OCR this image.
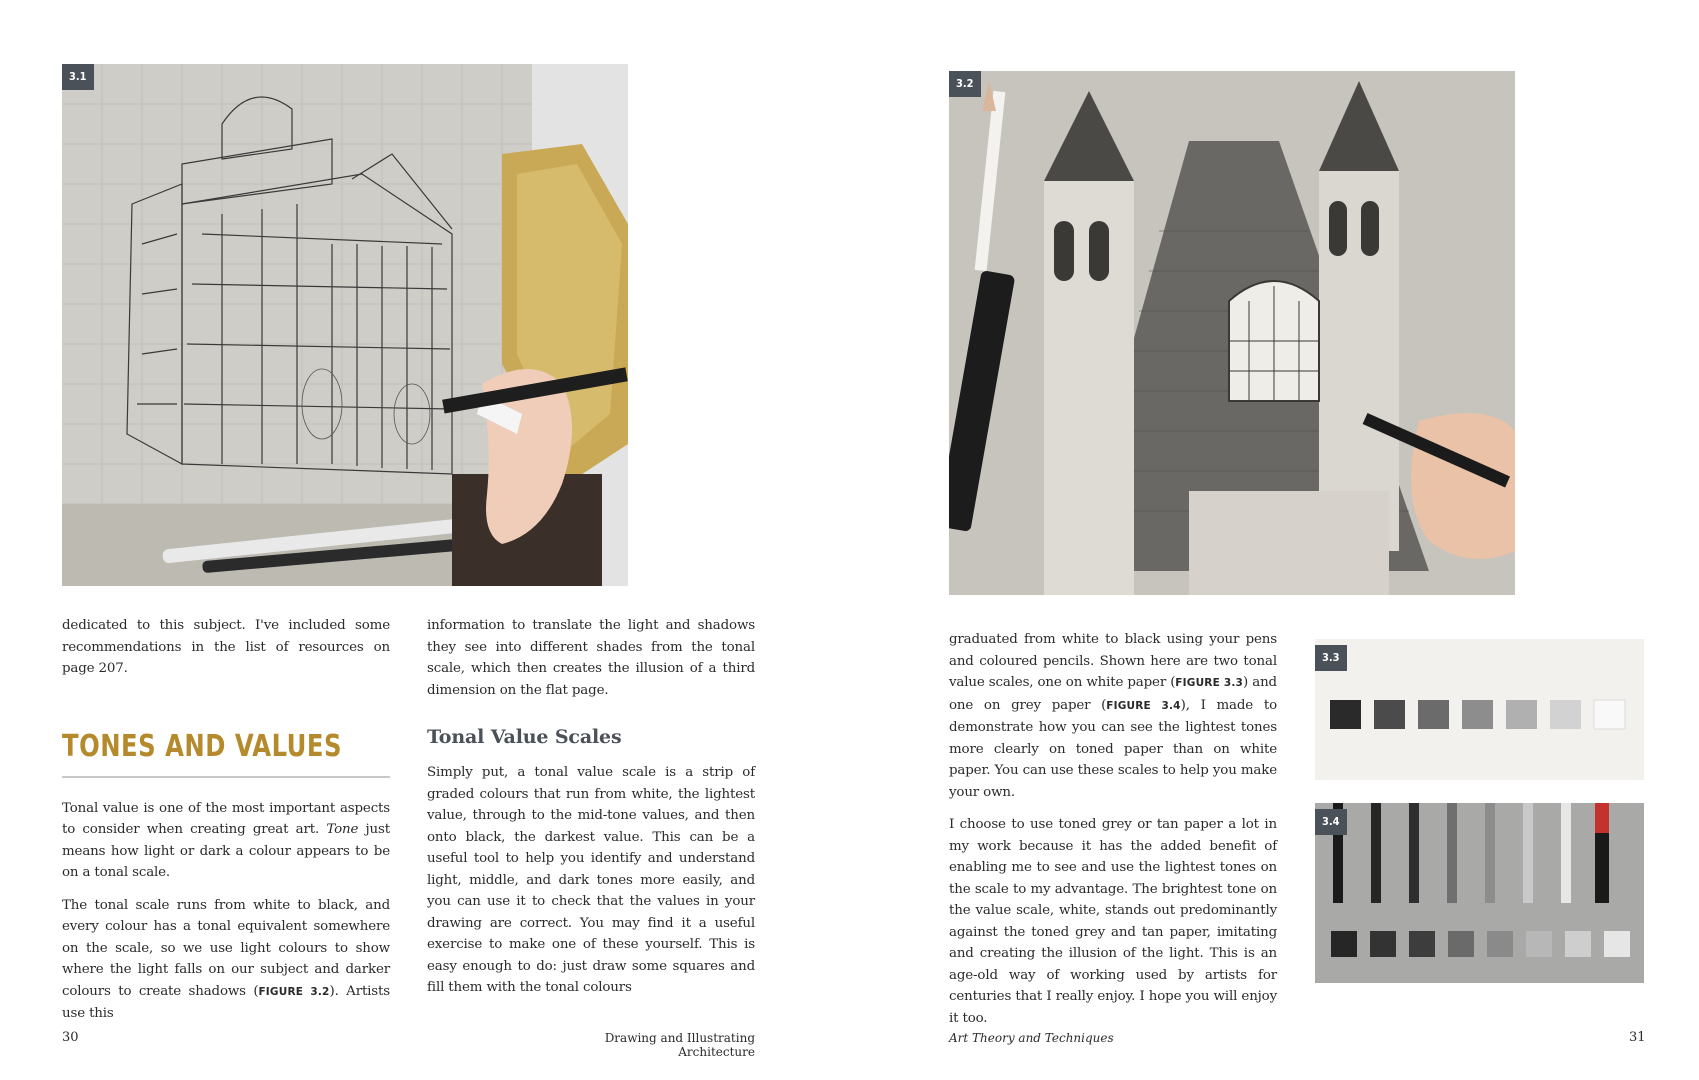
3.1

dedicated to this subject. I've included some recommendations in the list of resources on page 207.

TONES AND VALUES

Tonal value is one of the most important aspects to consider when creating great art. Tone just means how light or dark a colour appears to be on a tonal scale.

The tonal scale runs from white to black, and every colour has a tonal equivalent somewhere on the scale, so we use light colours to show where the light falls on our subject and darker colours to create shadows (FIGURE 3.2). Artists use this

information to translate the light and shadows they see into different shades from the tonal scale, which then creates the illusion of a third dimension on the flat page.

Tonal Value Scales

Simply put, a tonal value scale is a strip of graded colours that run from white, the lightest value, through to the mid-tone values, and then onto black, the darkest value. This can be a useful tool to help you identify and understand light, middle, and dark tones more easily, and you can use it to check that the values in your drawing are correct. You may find it a useful exercise to make one of these yourself. This is easy enough to do: just draw some squares and fill them with the tonal colours

30	Drawing and Illustrating Architecture
3.2

graduated from white to black using your pens and coloured pencils. Shown here are two tonal value scales, one on white paper (FIGURE 3.3) and one on grey paper (FIGURE 3.4), I made to demonstrate how you can see the lightest tones more clearly on toned paper than on white paper. You can use these scales to help you make your own.

I choose to use toned grey or tan paper a lot in my work because it has the added benefit of enabling me to see and use the lightest tones on the scale to my advantage. The brightest tone on the value scale, white, stands out predominantly against the toned grey and tan paper, imitating and creating the illusion of the light. This is an age-old way of working used by artists for centuries that I really enjoy. I hope you will enjoy it too.

3.3
3.4
Art Theory and Techniques	31
